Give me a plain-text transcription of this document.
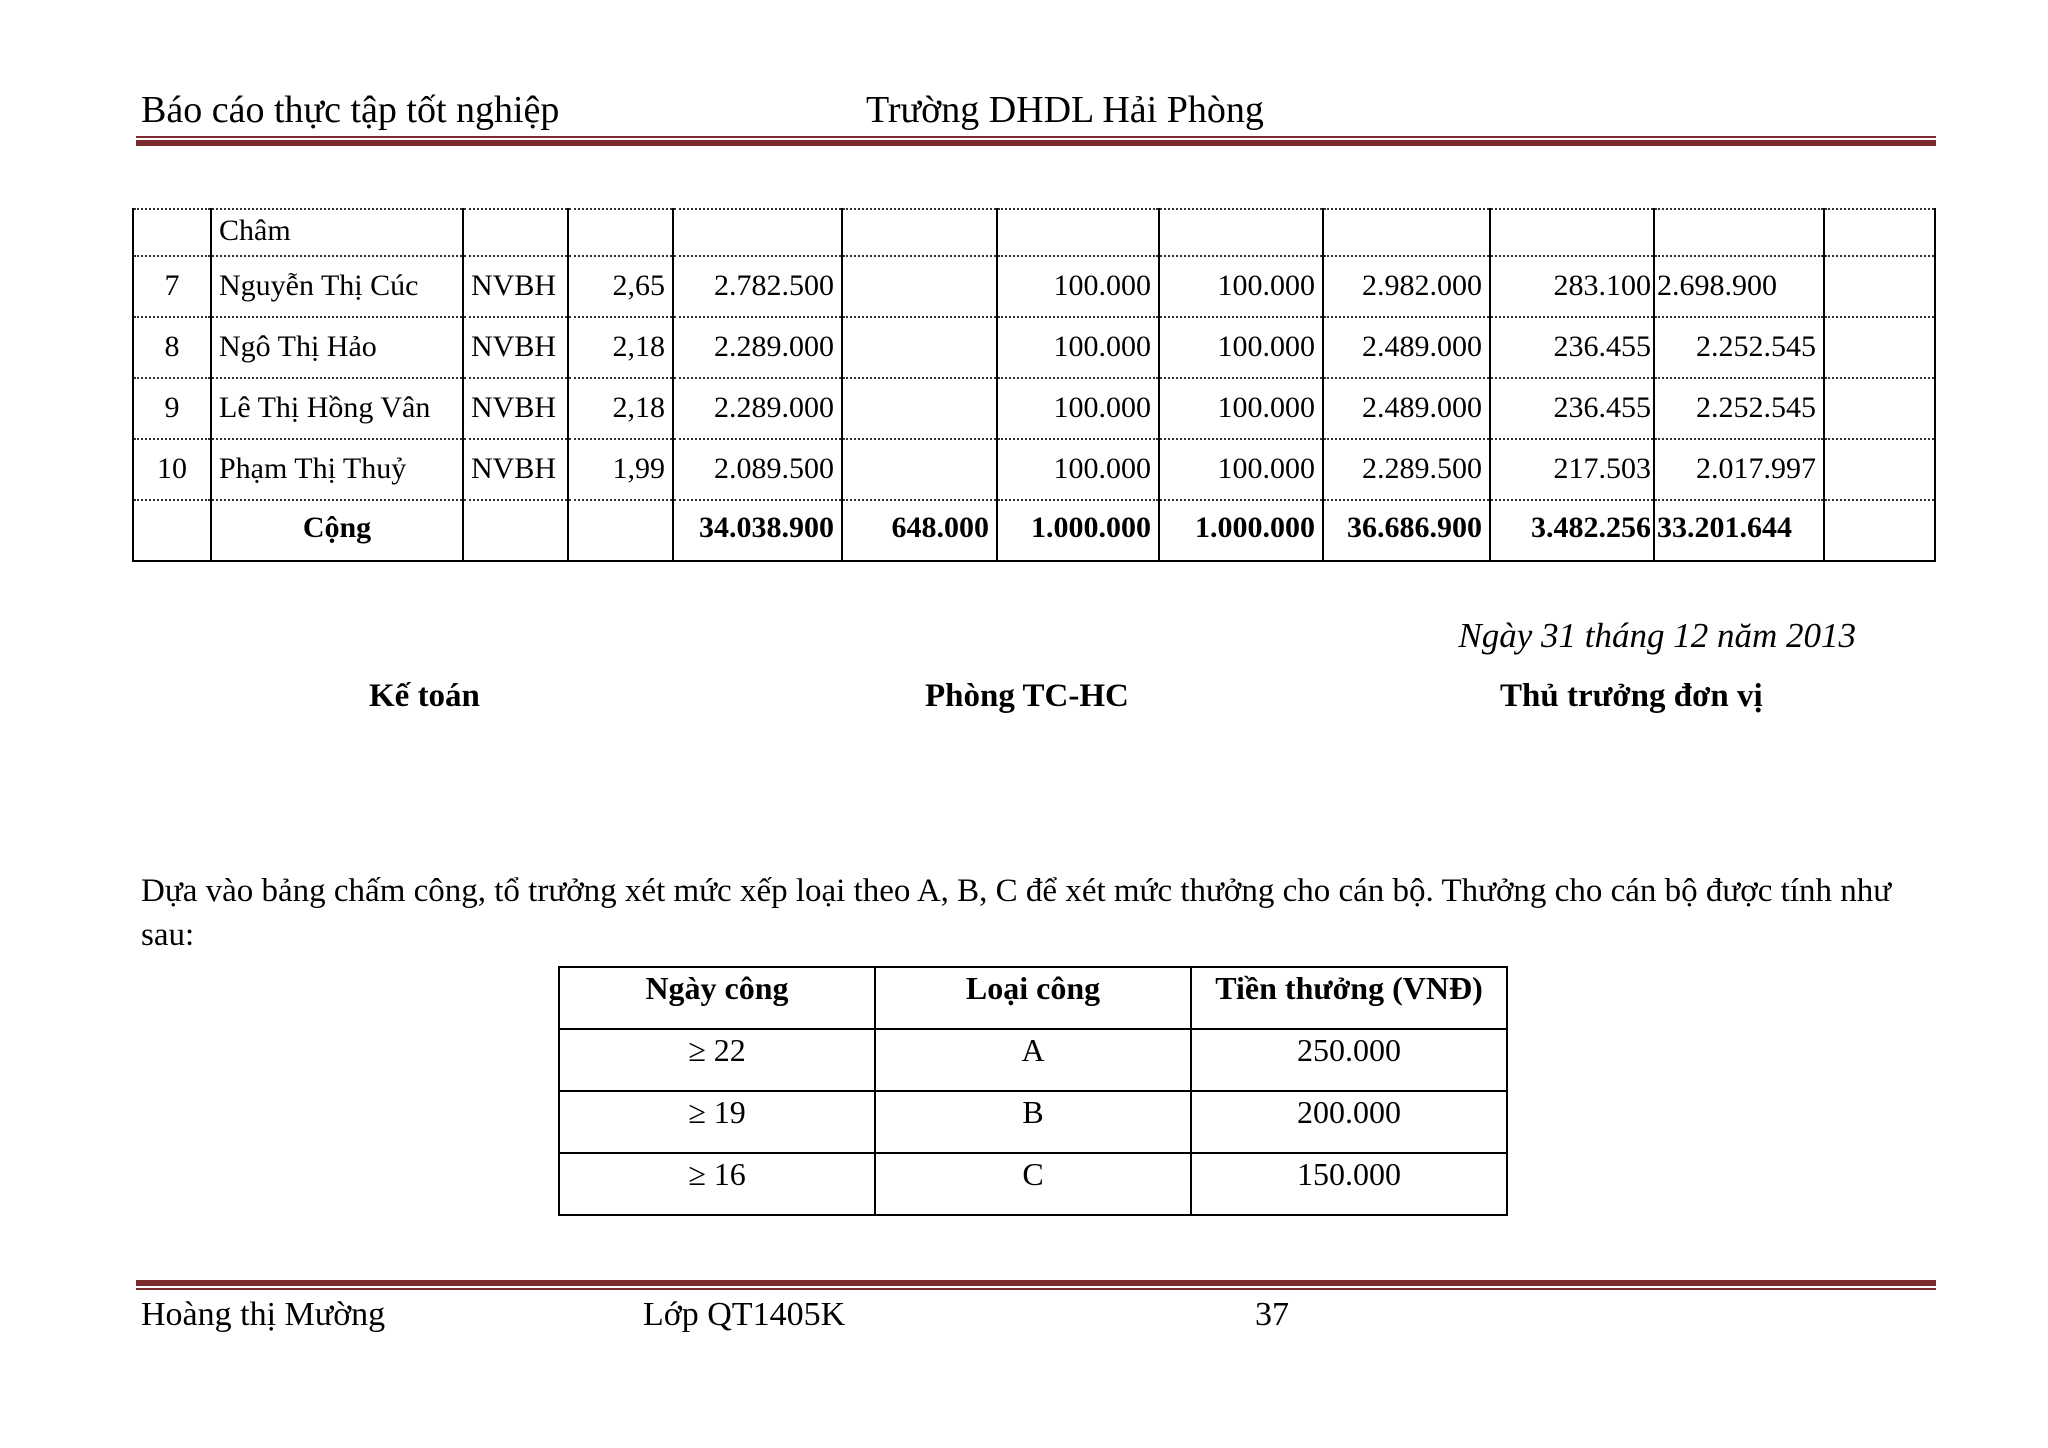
Báo cáo thực tập tốt nghiệp	Trường DHDL Hải Phòng
	Châm										
7	Nguyễn Thị Cúc	NVBH	2,65	2.782.500		100.000	100.000	2.982.000	283.100	2.698.900	
8	Ngô Thị Hảo	NVBH	2,18	2.289.000		100.000	100.000	2.489.000	236.455	2.252.545	
9	Lê Thị Hồng Vân	NVBH	2,18	2.289.000		100.000	100.000	2.489.000	236.455	2.252.545	
10	Phạm Thị Thuỷ	NVBH	1,99	2.089.500		100.000	100.000	2.289.500	217.503	2.017.997	
	Cộng			34.038.900	648.000	1.000.000	1.000.000	36.686.900	3.482.256	33.201.644	
Ngày 31 tháng 12 năm 2013
Kế toán	Phòng TC-HC	Thủ trưởng đơn vị
Dựa vào bảng chấm công, tổ trưởng xét mức xếp loại theo A, B, C để xét mức thưởng cho cán bộ. Thưởng cho cán bộ được tính như sau:
Ngày công	Loại công	Tiền thưởng (VNĐ)
≥ 22	A	250.000
≥ 19	B	200.000
≥ 16	C	150.000
Hoàng thị Mường	Lớp QT1405K	37
